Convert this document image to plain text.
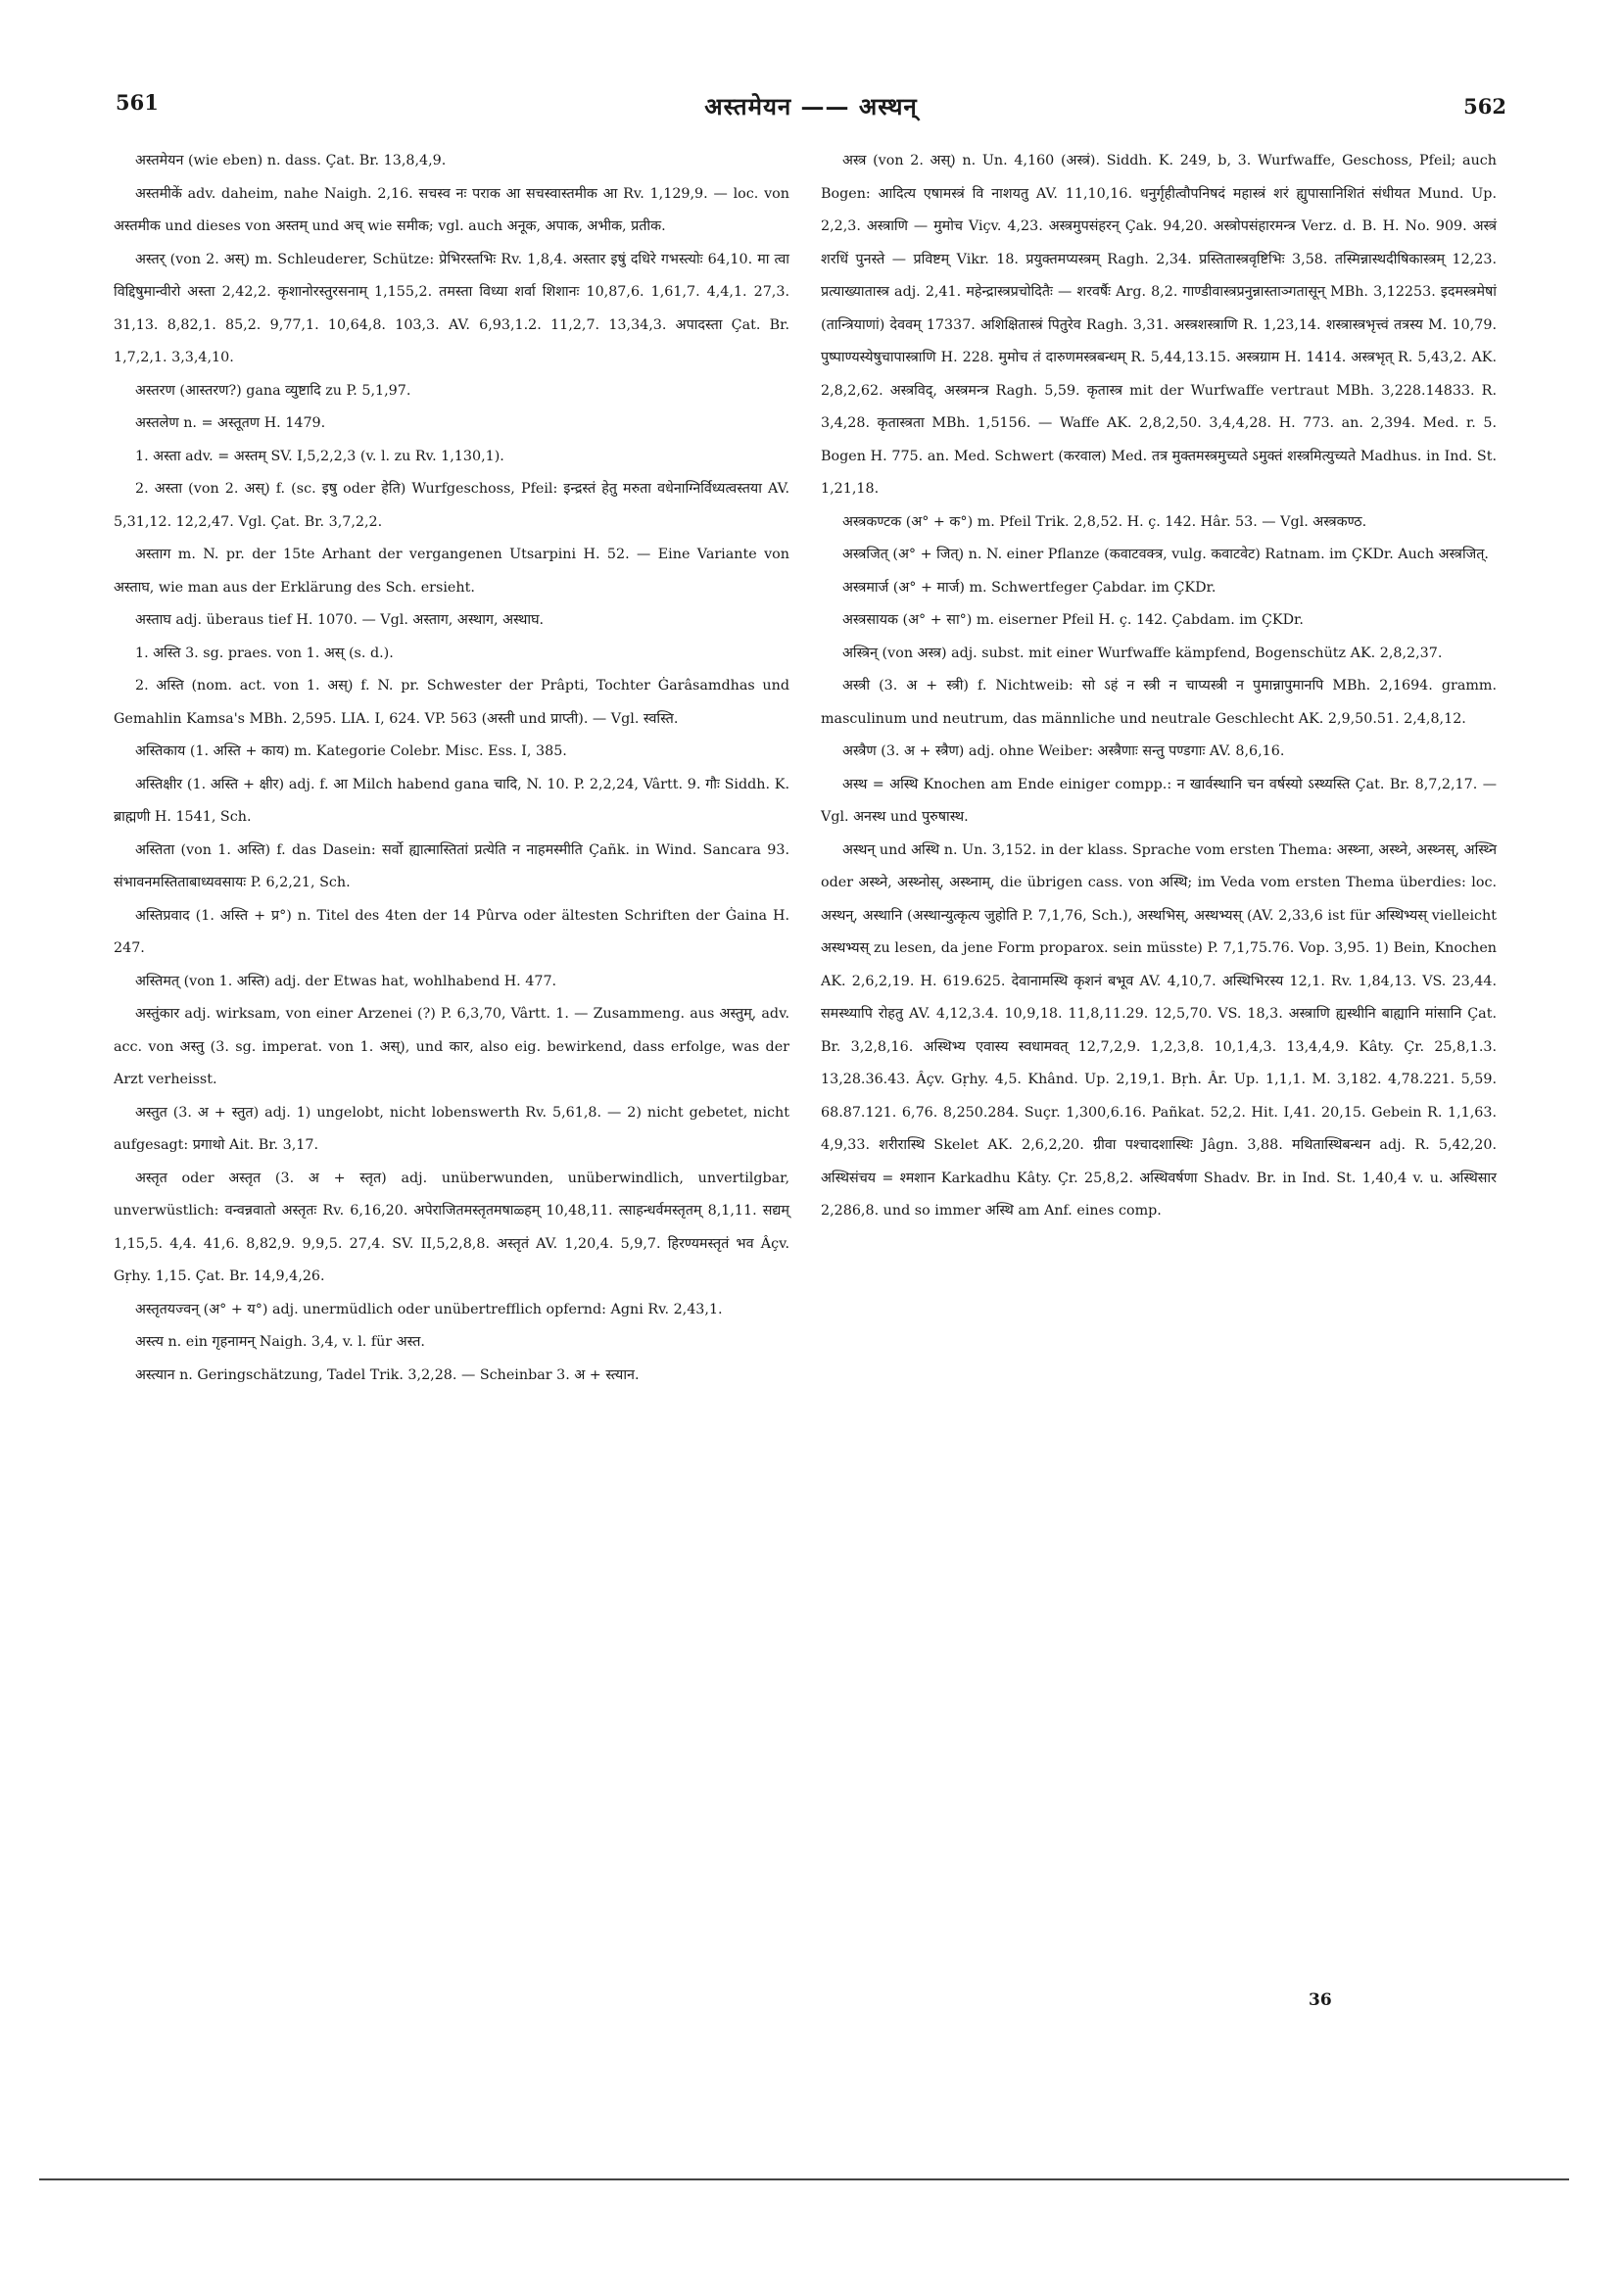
561	अस्तमेयन —— अस्थन्	562

अस्तमेयन (wie eben) n. dass. Çat. Br. 13,8,4,9.

अस्तमीकें adv. daheim, nahe Naigh. 2,16. सचस्व नः पराक आ सचस्वास्तमीक आ Rv. 1,129,9. — loc. von अस्तमीक und dieses von अस्तम् und अच् wie समीक; vgl. auch अनूक, अपाक, अभीक, प्रतीक.

अस्तर् (von 2. अस्) m. Schleuderer, Schütze: प्रेभिरस्तभिः Rv. 1,8,4. अस्तार इषुं दधिरे गभस्त्योः 64,10. मा त्वा विद्दिषुमान्वीरो अस्ता 2,42,2. कृशानोरस्तुरसनाम् 1,155,2. तमस्ता विध्या शर्वा शिशानः 10,87,6. 1,61,7. 4,4,1. 27,3. 31,13. 8,82,1. 85,2. 9,77,1. 10,64,8. 103,3. AV. 6,93,1.2. 11,2,7. 13,34,3. अपादस्ता Çat. Br. 1,7,2,1. 3,3,4,10.

अस्तरण (आस्तरण?) gana व्युष्टादि zu P. 5,1,97.

अस्तलेण n. = अस्तूतण H. 1479.

1. अस्ता adv. = अस्तम् SV. I,5,2,2,3 (v. l. zu Rv. 1,130,1).

2. अस्ता (von 2. अस्) f. (sc. इषु oder हेति) Wurfgeschoss, Pfeil: इन्द्रस्तं हेतु मरुता वधेनाग्निर्विध्यत्वस्तया AV. 5,31,12. 12,2,47. Vgl. Çat. Br. 3,7,2,2.

अस्ताग m. N. pr. der 15te Arhant der vergangenen Utsarpini H. 52. — Eine Variante von अस्ताघ, wie man aus der Erklärung des Sch. ersieht.

अस्ताघ adj. überaus tief H. 1070. — Vgl. अस्ताग, अस्थाग, अस्थाघ.

1. अस्ति 3. sg. praes. von 1. अस् (s. d.).

2. अस्ति (nom. act. von 1. अस्) f. N. pr. Schwester der Prâpti, Tochter Ġarâsamdhas und Gemahlin Kamsa's MBh. 2,595. LIA. I, 624. VP. 563 (अस्ती und प्राप्ती). — Vgl. स्वस्ति.

अस्तिकाय (1. अस्ति + काय) m. Kategorie Colebr. Misc. Ess. I, 385.

अस्तिक्षीर (1. अस्ति + क्षीर) adj. f. आ Milch habend gana चादि, N. 10. P. 2,2,24, Vârtt. 9. गौः Siddh. K. ब्राह्मणी H. 1541, Sch.

अस्तिता (von 1. अस्ति) f. das Dasein: सर्वो ह्यात्मास्तितां प्रत्येति न नाहमस्मीति Çañk. in Wind. Sancara 93. संभावनमस्तिताबाध्यवसायः P. 6,2,21, Sch.

अस्तिप्रवाद (1. अस्ति + प्र°) n. Titel des 4ten der 14 Pûrva oder ältesten Schriften der Ġaina H. 247.

अस्तिमत् (von 1. अस्ति) adj. der Etwas hat, wohlhabend H. 477.

अस्तुंकार adj. wirksam, von einer Arzenei (?) P. 6,3,70, Vârtt. 1. — Zusammeng. aus अस्तुम्, adv. acc. von अस्तु (3. sg. imperat. von 1. अस्), und कार, also eig. bewirkend, dass erfolge, was der Arzt verheisst.

अस्तुत (3. अ + स्तुत) adj. 1) ungelobt, nicht lobenswerth Rv. 5,61,8. — 2) nicht gebetet, nicht aufgesagt: प्रगाथो Ait. Br. 3,17.

अस्तृत oder अस्तृत (3. अ + स्तृत) adj. unüberwunden, unüberwindlich, unvertilgbar, unverwüstlich: वन्वन्नवातो अस्तृतः Rv. 6,16,20. अपेराजितमस्तृतमषाळ्हम् 10,48,11. त्साहन्धर्वमस्तृतम् 8,1,11. सद्यम् 1,15,5. 4,4. 41,6. 8,82,9. 9,9,5. 27,4. SV. II,5,2,8,8. अस्तृतं AV. 1,20,4. 5,9,7. हिरण्यमस्तृतं भव Âçv. Gṛhy. 1,15. Çat. Br. 14,9,4,26.

अस्तृतयज्वन् (अ° + य°) adj. unermüdlich oder unübertrefflich opfernd: Agni Rv. 2,43,1.

अस्त्य n. ein गृहनामन् Naigh. 3,4, v. l. für अस्त.

अस्त्यान n. Geringschätzung, Tadel Trik. 3,2,28. — Scheinbar 3. अ + स्त्यान.

अस्त्र (von 2. अस्) n. Un. 4,160 (अस्त्रं). Siddh. K. 249, b, 3. Wurfwaffe, Geschoss, Pfeil; auch Bogen: आदित्य एषामस्त्रं वि नाशयतु AV. 11,10,16. धनुर्गृहीत्वौपनिषदं महास्त्रं शरं ह्युपासानिशितं संधीयत Mund. Up. 2,2,3. अस्त्राणि — मुमोच Viçv. 4,23. अस्त्रमुपसंहरन् Çak. 94,20. अस्त्रोपसंहारमन्त्र Verz. d. B. H. No. 909. अस्त्रं शरधिं पुनस्ते — प्रविष्टम् Vikr. 18. प्रयुक्तमप्यस्त्रम् Ragh. 2,34. प्रस्तितास्त्रवृष्टिभिः 3,58. तस्मिन्नास्थदीषिकास्त्रम् 12,23. प्रत्याख्यातास्त्र adj. 2,41. महेन्द्रास्त्रप्रचोदितैः — शरवर्षैः Arg. 8,2. गाण्डीवास्त्रप्रनुन्नास्ताञ्गतासून् MBh. 3,12253. इदमस्त्रमेषां (तान्त्रियाणां) देववम् 17337. अशिक्षितास्त्रं पितुरेव Ragh. 3,31. अस्त्रशस्त्राणि R. 1,23,14. शस्त्रास्त्रभृत्त्वं तत्रस्य M. 10,79. पुष्पाण्यस्येषुचापास्त्राणि H. 228. मुमोच तं दारुणमस्त्रबन्धम् R. 5,44,13.15. अस्त्रग्राम H. 1414. अस्त्रभृत् R. 5,43,2. AK. 2,8,2,62. अस्त्रविद्, अस्त्रमन्त्र Ragh. 5,59. कृतास्त्र mit der Wurfwaffe vertraut MBh. 3,228.14833. R. 3,4,28. कृतास्त्रता MBh. 1,5156. — Waffe AK. 2,8,2,50. 3,4,4,28. H. 773. an. 2,394. Med. r. 5. Bogen H. 775. an. Med. Schwert (करवाल) Med. तत्र मुक्तमस्त्रमुच्यते ऽमुक्तं शस्त्रमित्युच्यते Madhus. in Ind. St. 1,21,18.

अस्त्रकण्टक (अ° + क°) m. Pfeil Trik. 2,8,52. H. ç. 142. Hâr. 53. — Vgl. अस्त्रकण्ठ.

अस्त्रजित् (अ° + जित्) n. N. einer Pflanze (कवाटवक्त्र, vulg. कवाटवेट) Ratnam. im ÇKDr. Auch अस्त्रजित्.

अस्त्रमार्ज (अ° + मार्ज) m. Schwertfeger Çabdar. im ÇKDr.

अस्त्रसायक (अ° + सा°) m. eiserner Pfeil H. ç. 142. Çabdam. im ÇKDr.

अस्त्रिन् (von अस्त्र) adj. subst. mit einer Wurfwaffe kämpfend, Bogenschütz AK. 2,8,2,37.

अस्त्री (3. अ + स्त्री) f. Nichtweib: सो ऽहं न स्त्री न चाप्यस्त्री न पुमान्नापुमानपि MBh. 2,1694. gramm. masculinum und neutrum, das männliche und neutrale Geschlecht AK. 2,9,50.51. 2,4,8,12.

अस्त्रैण (3. अ + स्त्रैण) adj. ohne Weiber: अस्त्रैणाः सन्तु पण्डगाः AV. 8,6,16.

अस्थ = अस्थि Knochen am Ende einiger compp.: न खार्वस्थानि चन वर्षस्यो ऽस्थ्यस्ति Çat. Br. 8,7,2,17. — Vgl. अनस्थ und पुरुषास्थ.

अस्थन् und अस्थि n. Un. 3,152. in der klass. Sprache vom ersten Thema: अस्थ्ना, अस्थ्ने, अस्थ्नस्, अस्थ्नि oder अस्थ्ने, अस्थ्नोस्, अस्थ्नाम्, die übrigen cass. von अस्थि; im Veda vom ersten Thema überdies: loc. अस्थन्, अस्थानि (अस्थान्युत्कृत्य जुहोति P. 7,1,76, Sch.), अस्थभिस्, अस्थभ्यस् (AV. 2,33,6 ist für अस्थिभ्यस् vielleicht अस्थभ्यस् zu lesen, da jene Form proparox. sein müsste) P. 7,1,75.76. Vop. 3,95. 1) Bein, Knochen AK. 2,6,2,19. H. 619.625. देवानामस्थि कृशनं बभूव AV. 4,10,7. अस्थिभिरस्य 12,1. Rv. 1,84,13. VS. 23,44. समस्थ्यापि रोहतु AV. 4,12,3.4. 10,9,18. 11,8,11.29. 12,5,70. VS. 18,3. अस्त्राणि ह्यस्थीनि बाह्यानि मांसानि Çat. Br. 3,2,8,16. अस्थिभ्य एवास्य स्वधामवत् 12,7,2,9. 1,2,3,8. 10,1,4,3. 13,4,4,9. Kâty. Çr. 25,8,1.3. 13,28.36.43. Âçv. Gṛhy. 4,5. Khând. Up. 2,19,1. Bṛh. Âr. Up. 1,1,1. M. 3,182. 4,78.221. 5,59. 68.87.121. 6,76. 8,250.284. Suçr. 1,300,6.16. Pañkat. 52,2. Hit. I,41. 20,15. Gebein R. 1,1,63. 4,9,33. शरीरास्थि Skelet AK. 2,6,2,20. ग्रीवा पश्चादशास्थिः Jâgn. 3,88. मथितास्थिबन्धन adj. R. 5,42,20. अस्थिसंचय = श्मशान Karkadhu Kâty. Çr. 25,8,2. अस्थिवर्षणा Shadv. Br. in Ind. St. 1,40,4 v. u. अस्थिसार 2,286,8. und so immer अस्थि am Anf. eines comp.

36
